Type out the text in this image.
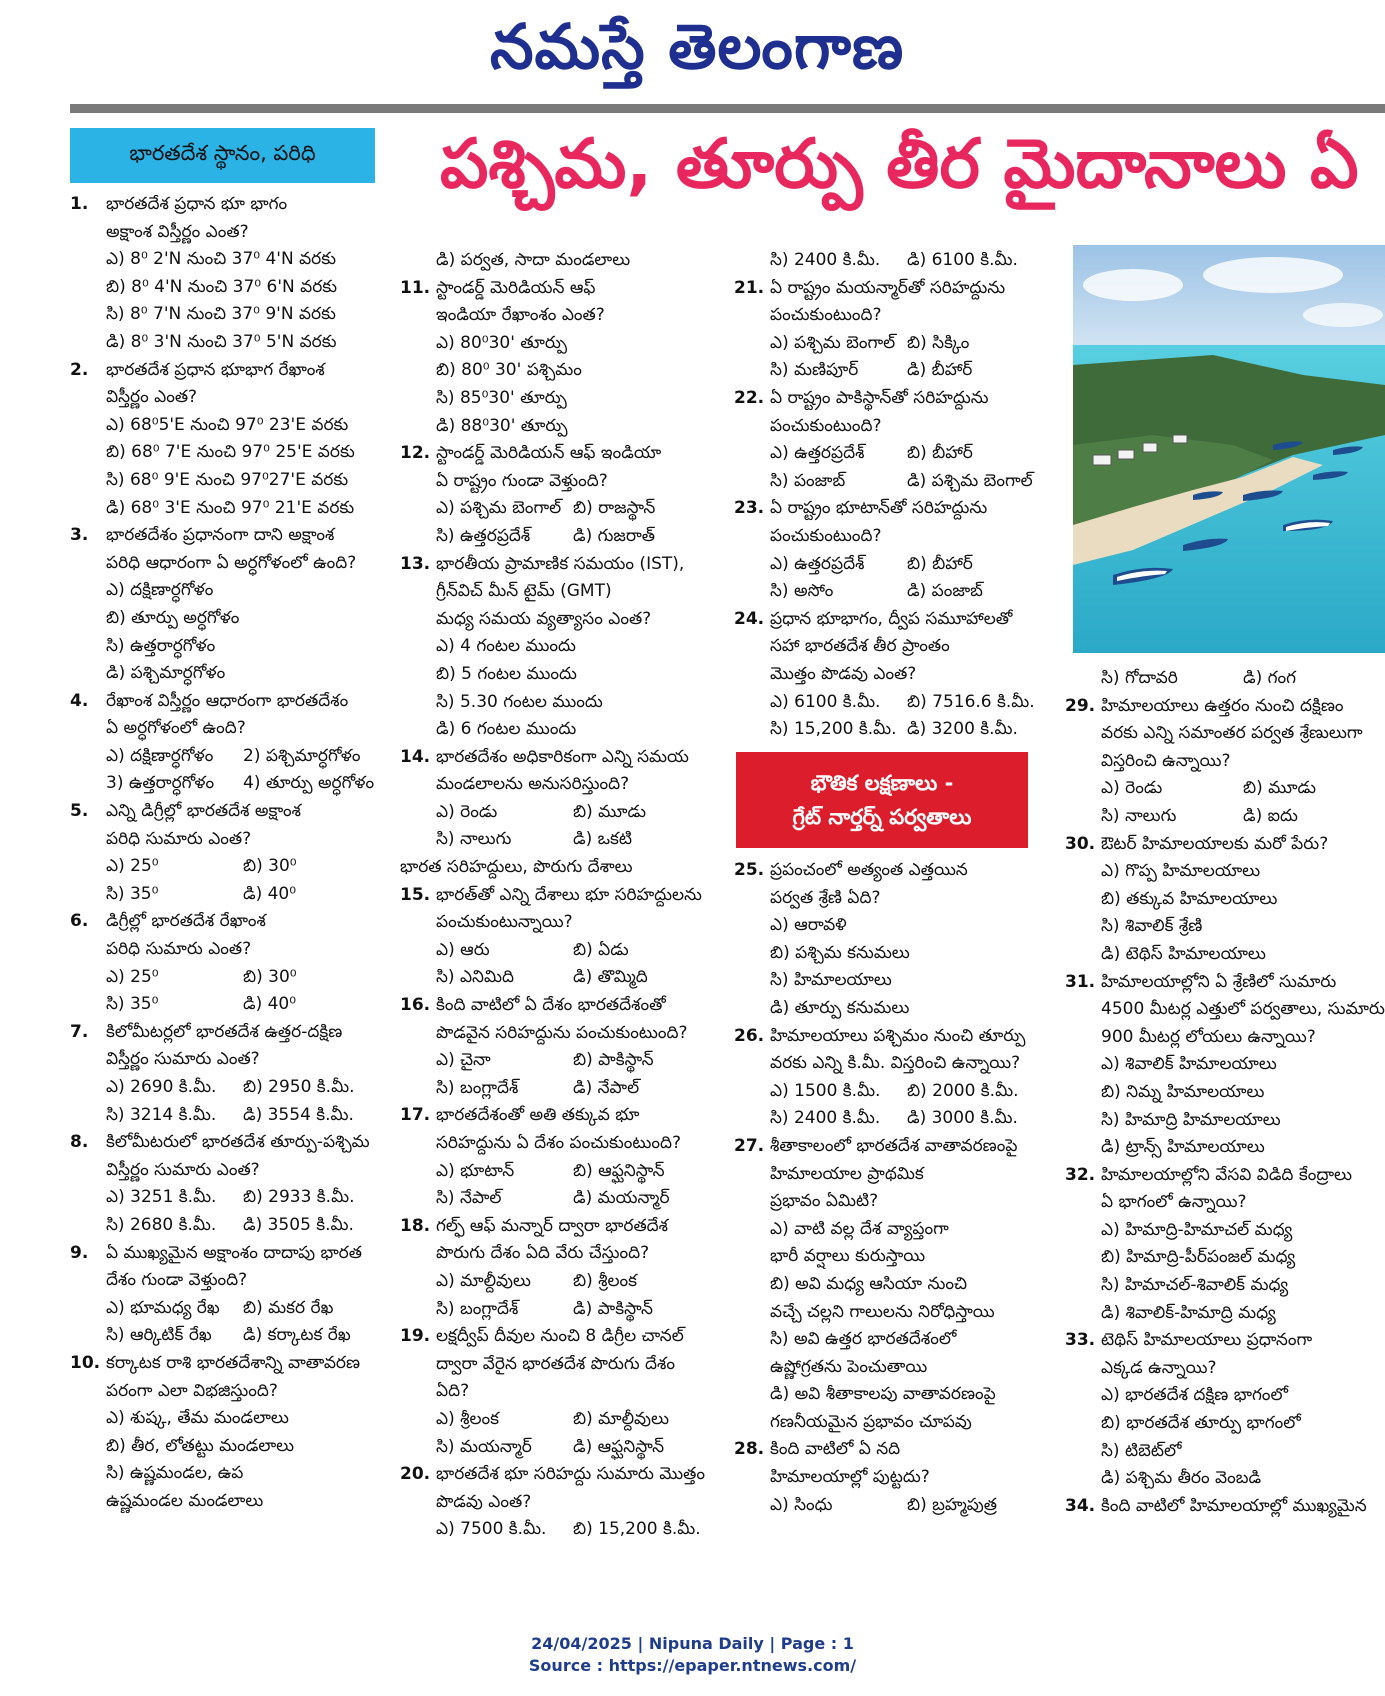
నమస్తే తెలంగాణ
భారతదేశ స్థానం, పరిధి పశ్చిమ, తూర్పు తీర మైదానాలు ఏ
1. భారతదేశ ప్రధాన భూ భాగం
అక్షాంశ విస్తీర్ణం ఎంత?
ఎ) 8⁰ 2'N నుంచి 37⁰ 4'N వరకు
బి) 8⁰ 4'N నుంచి 37⁰ 6'N వరకు
సి) 8⁰ 7'N నుంచి 37⁰ 9'N వరకు
డి) 8⁰ 3'N నుంచి 37⁰ 5'N వరకు
2. భారతదేశ ప్రధాన భూభాగ రేఖాంశ
విస్తీర్ణం ఎంత?
ఎ) 68⁰5'E నుంచి 97⁰ 23'E వరకు
బి) 68⁰ 7'E నుంచి 97⁰ 25'E వరకు
సి) 68⁰ 9'E నుంచి 97⁰27'E వరకు
డి) 68⁰ 3'E నుంచి 97⁰ 21'E వరకు
3. భారతదేశం ప్రధానంగా దాని అక్షాంశ
పరిధి ఆధారంగా ఏ అర్ధగోళంలో ఉంది?
ఎ) దక్షిణార్ధగోళం
బి) తూర్పు అర్ధగోళం
సి) ఉత్తరార్ధగోళం
డి) పశ్చిమార్ధగోళం
4. రేఖాంశ విస్తీర్ణం ఆధారంగా భారతదేశం
ఏ అర్ధగోళంలో ఉంది?
ఎ) దక్షిణార్ధగోళం	2) పశ్చిమార్ధగోళం
3) ఉత్తరార్ధగోళం	4) తూర్పు అర్ధగోళం
5. ఎన్ని డిగ్రీల్లో భారతదేశ అక్షాంశ
పరిధి సుమారు ఎంత?
ఎ) 25⁰	బి) 30⁰
సి) 35⁰	డి) 40⁰
6. డిగ్రీల్లో భారతదేశ రేఖాంశ
పరిధి సుమారు ఎంత?
ఎ) 25⁰	బి) 30⁰
సి) 35⁰	డి) 40⁰
7. కిలోమీటర్లలో భారతదేశ ఉత్తర-దక్షిణ
విస్తీర్ణం సుమారు ఎంత?
ఎ) 2690 కి.మీ.	బి) 2950 కి.మీ.
సి) 3214 కి.మీ.	డి) 3554 కి.మీ.
8. కిలోమీటరులో భారతదేశ తూర్పు-పశ్చిమ
విస్తీర్ణం సుమారు ఎంత?
ఎ) 3251 కి.మీ.	బి) 2933 కి.మీ.
సి) 2680 కి.మీ.	డి) 3505 కి.మీ.
9. ఏ ముఖ్యమైన అక్షాంశం దాదాపు భారత
దేశం గుండా వెళ్తుంది?
ఎ) భూమధ్య రేఖ	బి) మకర రేఖ
సి) ఆర్కిటిక్ రేఖ	డి) కర్కాటక రేఖ
10. కర్కాటక రాశి భారతదేశాన్ని వాతావరణ
పరంగా ఎలా విభజిస్తుంది?
ఎ) శుష్క, తేమ మండలాలు
బి) తీర, లోతట్టు మండలాలు
సి) ఉష్ణమండల, ఉప
ఉష్ణమండల మండలాలు
డి) పర్వత, సాదా మండలాలు
11. స్టాండర్డ్ మెరిడియన్ ఆఫ్
ఇండియా రేఖాంశం ఎంత?
ఎ) 80⁰30' తూర్పు
బి) 80⁰ 30' పశ్చిమం
సి) 85⁰30' తూర్పు
డి) 88⁰30' తూర్పు
12. స్టాండర్డ్ మెరిడియన్ ఆఫ్ ఇండియా
ఏ రాష్ట్రం గుండా వెళ్తుంది?
ఎ) పశ్చిమ బెంగాల్ బి) రాజస్థాన్
సి) ఉత్తరప్రదేశ్	డి) గుజరాత్
13. భారతీయ ప్రామాణిక సమయం (IST),
గ్రీన్‌విచ్ మీన్ టైమ్ (GMT)
మధ్య సమయ వ్యత్యాసం ఎంత?
ఎ) 4 గంటల ముందు
బి) 5 గంటల ముందు
సి) 5.30 గంటల ముందు
డి) 6 గంటల ముందు
14. భారతదేశం అధికారికంగా ఎన్ని సమయ
మండలాలను అనుసరిస్తుంది?
ఎ) రెండు	బి) మూడు
సి) నాలుగు	డి) ఒకటి
భారత సరిహద్దులు, పొరుగు దేశాలు
15. భారత్‌తో ఎన్ని దేశాలు భూ సరిహద్దులను
పంచుకుంటున్నాయి?
ఎ) ఆరు	బి) ఏడు
సి) ఎనిమిది	డి) తొమ్మిది
16. కింది వాటిలో ఏ దేశం భారతదేశంతో
పొడవైన సరిహద్దును పంచుకుంటుంది?
ఎ) చైనా	బి) పాకిస్థాన్
సి) బంగ్లాదేశ్	డి) నేపాల్
17. భారతదేశంతో అతి తక్కువ భూ
సరిహద్దును ఏ దేశం పంచుకుంటుంది?
ఎ) భూటాన్	బి) ఆఫ్ఘనిస్థాన్
సి) నేపాల్	డి) మయన్మార్
18. గల్ఫ్ ఆఫ్ మన్నార్ ద్వారా భారతదేశ
పొరుగు దేశం ఏది వేరు చేస్తుంది?
ఎ) మాల్దీవులు	బి) శ్రీలంక
సి) బంగ్లాదేశ్	డి) పాకిస్థాన్
19. లక్షద్వీప్ దీవుల నుంచి 8 డిగ్రీల చానల్
ద్వారా వేరైన భారతదేశ పొరుగు దేశం ఏది?
ఎ) శ్రీలంక	బి) మాల్దీవులు
సి) మయన్మార్	డి) ఆఫ్ఘనిస్థాన్
20. భారతదేశ భూ సరిహద్దు సుమారు మొత్తం
పొడవు ఎంత?
ఎ) 7500 కి.మీ.	బి) 15,200 కి.మీ.
సి) 2400 కి.మీ.	డి) 6100 కి.మీ.
21. ఏ రాష్ట్రం మయన్మార్‌తో సరిహద్దును
పంచుకుంటుంది?
ఎ) పశ్చిమ బెంగాల్ బి) సిక్కిం
సి) మణిపూర్	డి) బీహార్
22. ఏ రాష్ట్రం పాకిస్థాన్‌తో సరిహద్దును
పంచుకుంటుంది?
ఎ) ఉత్తరప్రదేశ్	బి) బీహార్
సి) పంజాబ్	డి) పశ్చిమ బెంగాల్
23. ఏ రాష్ట్రం భూటాన్‌తో సరిహద్దును
పంచుకుంటుంది?
ఎ) ఉత్తరప్రదేశ్	బి) బీహార్
సి) అసోం	డి) పంజాబ్
24. ప్రధాన భూభాగం, ద్వీప సమూహాలతో
సహా భారతదేశ తీర ప్రాంతం
మొత్తం పొడవు ఎంత?
ఎ) 6100 కి.మీ.	బి) 7516.6 కి.మీ.
సి) 15,200 కి.మీ. డి) 3200 కి.మీ.
భౌతిక లక్షణాలు -
గ్రేట్ నార్తర్న్ పర్వతాలు
25. ప్రపంచంలో అత్యంత ఎత్తయిన
పర్వత శ్రేణి ఏది?
ఎ) ఆరావళి
బి) పశ్చిమ కనుమలు
సి) హిమాలయాలు
డి) తూర్పు కనుమలు
26. హిమాలయాలు పశ్చిమం నుంచి తూర్పు
వరకు ఎన్ని కి.మీ. విస్తరించి ఉన్నాయి?
ఎ) 1500 కి.మీ.	బి) 2000 కి.మీ.
సి) 2400 కి.మీ.	డి) 3000 కి.మీ.
27. శీతాకాలంలో భారతదేశ వాతావరణంపై
హిమాలయాల ప్రాథమిక
ప్రభావం ఏమిటి?
ఎ) వాటి వల్ల దేశ వ్యాప్తంగా
భారీ వర్షాలు కురుస్తాయి
బి) అవి మధ్య ఆసియా నుంచి
వచ్చే చల్లని గాలులను నిరోధిస్తాయి
సి) అవి ఉత్తర భారతదేశంలో
ఉష్ణోగ్రతను పెంచుతాయి
డి) అవి శీతాకాలపు వాతావరణంపై
గణనీయమైన ప్రభావం చూపవు
28. కింది వాటిలో ఏ నది
హిమాలయాల్లో పుట్టదు?
ఎ) సింధు	బి) బ్రహ్మపుత్ర
సి) గోదావరి	డి) గంగ
29. హిమాలయాలు ఉత్తరం నుంచి దక్షిణం
వరకు ఎన్ని సమాంతర పర్వత శ్రేణులుగా
విస్తరించి ఉన్నాయి?
ఎ) రెండు	బి) మూడు
సి) నాలుగు	డి) ఐదు
30. ఔటర్ హిమాలయాలకు మరో పేరు?
ఎ) గొప్ప హిమాలయాలు
బి) తక్కువ హిమాలయాలు
సి) శివాలిక్ శ్రేణి
డి) టెథిస్ హిమాలయాలు
31. హిమాలయాల్లోని ఏ శ్రేణిలో సుమారు
4500 మీటర్ల ఎత్తులో పర్వతాలు, సుమారు
900 మీటర్ల లోయలు ఉన్నాయి?
ఎ) శివాలిక్ హిమాలయాలు
బి) నిమ్న హిమాలయాలు
సి) హిమాద్రి హిమాలయాలు
డి) ట్రాన్స్ హిమాలయాలు
32. హిమాలయాల్లోని వేసవి విడిది కేంద్రాలు
ఏ భాగంలో ఉన్నాయి?
ఎ) హిమాద్రి-హిమాచల్ మధ్య
బి) హిమాద్రి-పీర్‌పంజల్ మధ్య
సి) హిమాచల్-శివాలిక్ మధ్య
డి) శివాలిక్-హిమాద్రి మధ్య
33. టెథిస్ హిమాలయాలు ప్రధానంగా
ఎక్కడ ఉన్నాయి?
ఎ) భారతదేశ దక్షిణ భాగంలో
బి) భారతదేశ తూర్పు భాగంలో
సి) టిబెట్‌లో
డి) పశ్చిమ తీరం వెంబడి
34. కింది వాటిలో హిమాలయాల్లో ముఖ్యమైన
24/04/2025 | Nipuna Daily | Page : 1
Source : https://epaper.ntnews.com/
